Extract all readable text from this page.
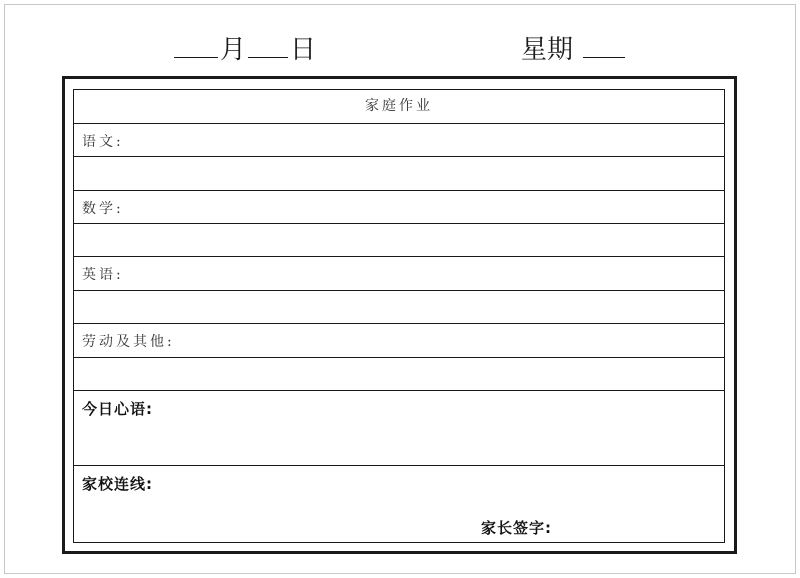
月 日	星期
家庭作业
语文:
数学:
英语:
劳动及其他:
今日心语:
家校连线:
家长签字:
